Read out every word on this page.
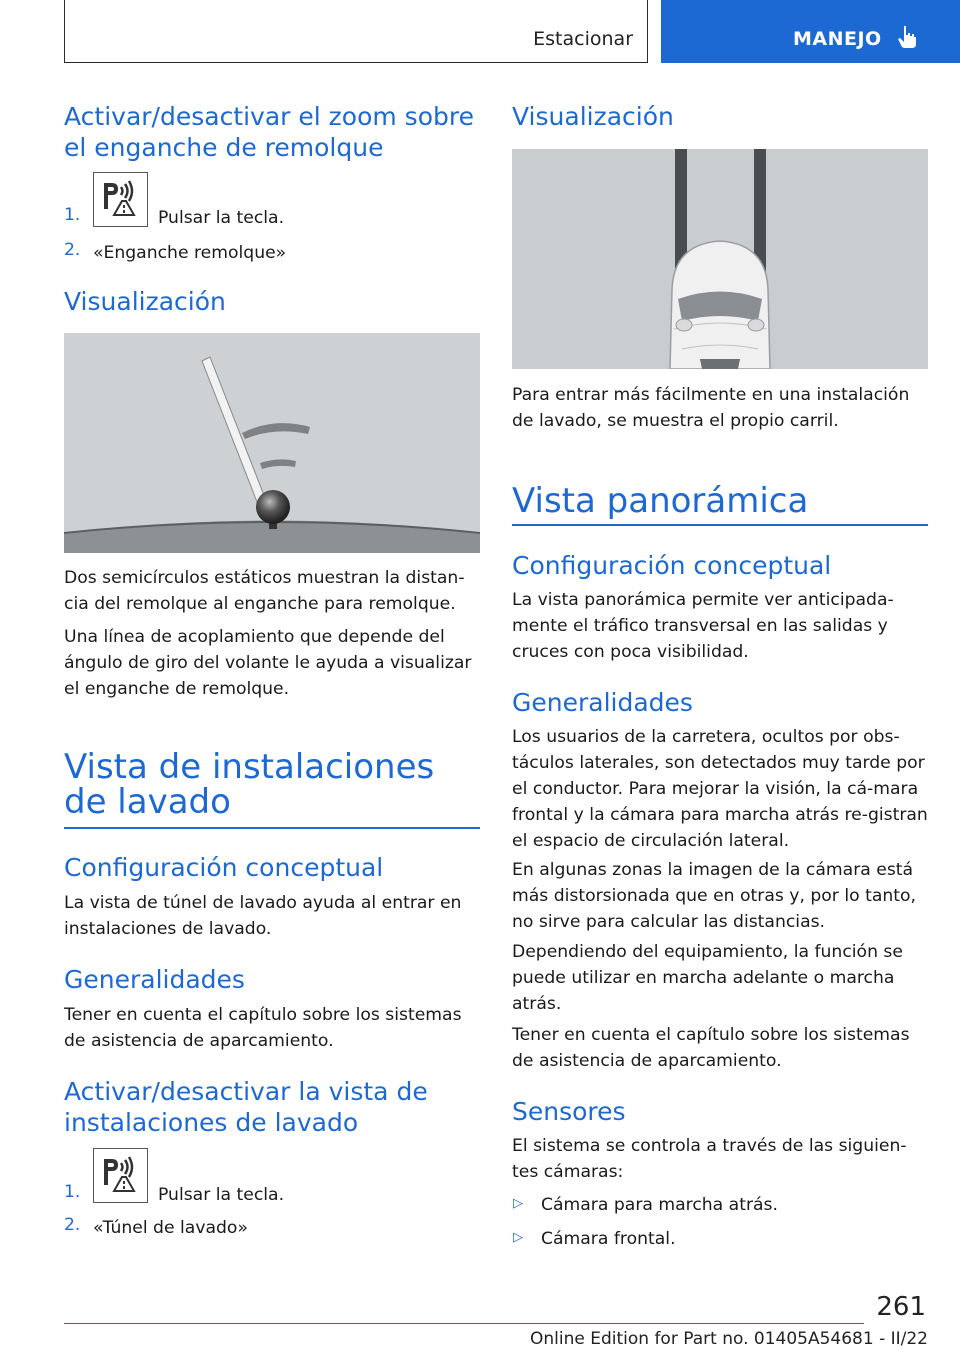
Estacionar	MANEJO
Activar/desactivar el zoom sobre el enganche de remolque
1.	Pulsar la tecla.
2. «Enganche remolque»
Visualización

Dos semicírculos estáticos muestran la distan‐cia del remolque al enganche para remolque.

Una línea de acoplamiento que depende del ángulo de giro del volante le ayuda a visualizar el enganche de remolque.

Vista de instalaciones de lavado
Configuración conceptual

La vista de túnel de lavado ayuda al entrar en instalaciones de lavado.

Generalidades

Tener en cuenta el capítulo sobre los sistemas de asistencia de aparcamiento.

Activar/desactivar la vista de instalaciones de lavado
1.	Pulsar la tecla.
2. «Túnel de lavado»
Visualización

Para entrar más fácilmente en una instalación de lavado, se muestra el propio carril.

Vista panorámica
Configuración conceptual

La vista panorámica permite ver anticipada‐mente el tráfico transversal en las salidas y cruces con poca visibilidad.

Generalidades

Los usuarios de la carretera, ocultos por obs‐táculos laterales, son detectados muy tarde por el conductor. Para mejorar la visión, la cá‐mara frontal y la cámara para marcha atrás re‐gistran el espacio de circulación lateral.

En algunas zonas la imagen de la cámara está más distorsionada que en otras y, por lo tanto, no sirve para calcular las distancias.

Dependiendo del equipamiento, la función se puede utilizar en marcha adelante o marcha atrás.

Tener en cuenta el capítulo sobre los sistemas de asistencia de aparcamiento.

Sensores

El sistema se controla a través de las siguien‐tes cámaras:

▷ Cámara para marcha atrás.
▷ Cámara frontal.
261
Online Edition for Part no. 01405A54681 - II/22
